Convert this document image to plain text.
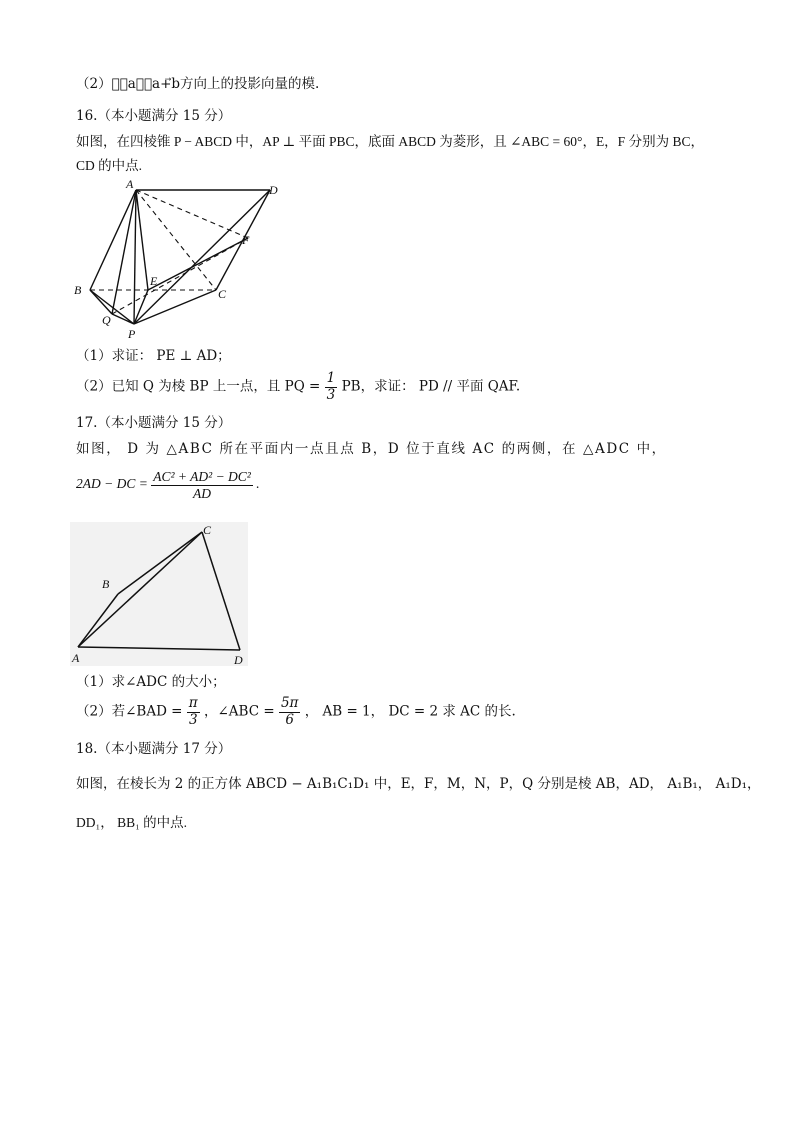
（2）求⃗a在⃗a+⃗b方向上的投影向量的模.
16.（本小题满分 15 分）
如图，在四棱锥 P − ABCD 中，AP ⊥ 平面 PBC，底面 ABCD 为菱形，且 ∠ABC = 60°，E，F 分别为 BC，
CD 的中点.
A	D
F
B
E
C
Q
P
（1）求证： PE ⊥ AD；
（2）已知 Q 为棱 BP 上一点，且 PQ = $\frac{1}{3}$ PB，求证： PD // 平面 QAF.
17.（本小题满分 15 分）
如图， D 为 △ABC 所在平面内一点且点 B，D 位于直线 AC 的两侧，在 △ADC 中，
2AD − DC = $\frac{\text{AC² + AD² − DC²}}{AD}$ .
C
B
A	D
（1）求∠ADC 的大小；
（2）若∠BAD = $\frac{\pi}{3}$ ，∠ABC = $\frac{5\pi}{6}$ ， AB = 1， DC = 2 求 AC 的长.
18.（本小题满分 17 分）
如图，在棱长为 2 的正方体 ABCD − A₁B₁C₁D₁ 中，E，F，M，N，P，Q 分别是棱 AB，AD， A₁B₁， A₁D₁，
DD₁， BB₁ 的中点.
